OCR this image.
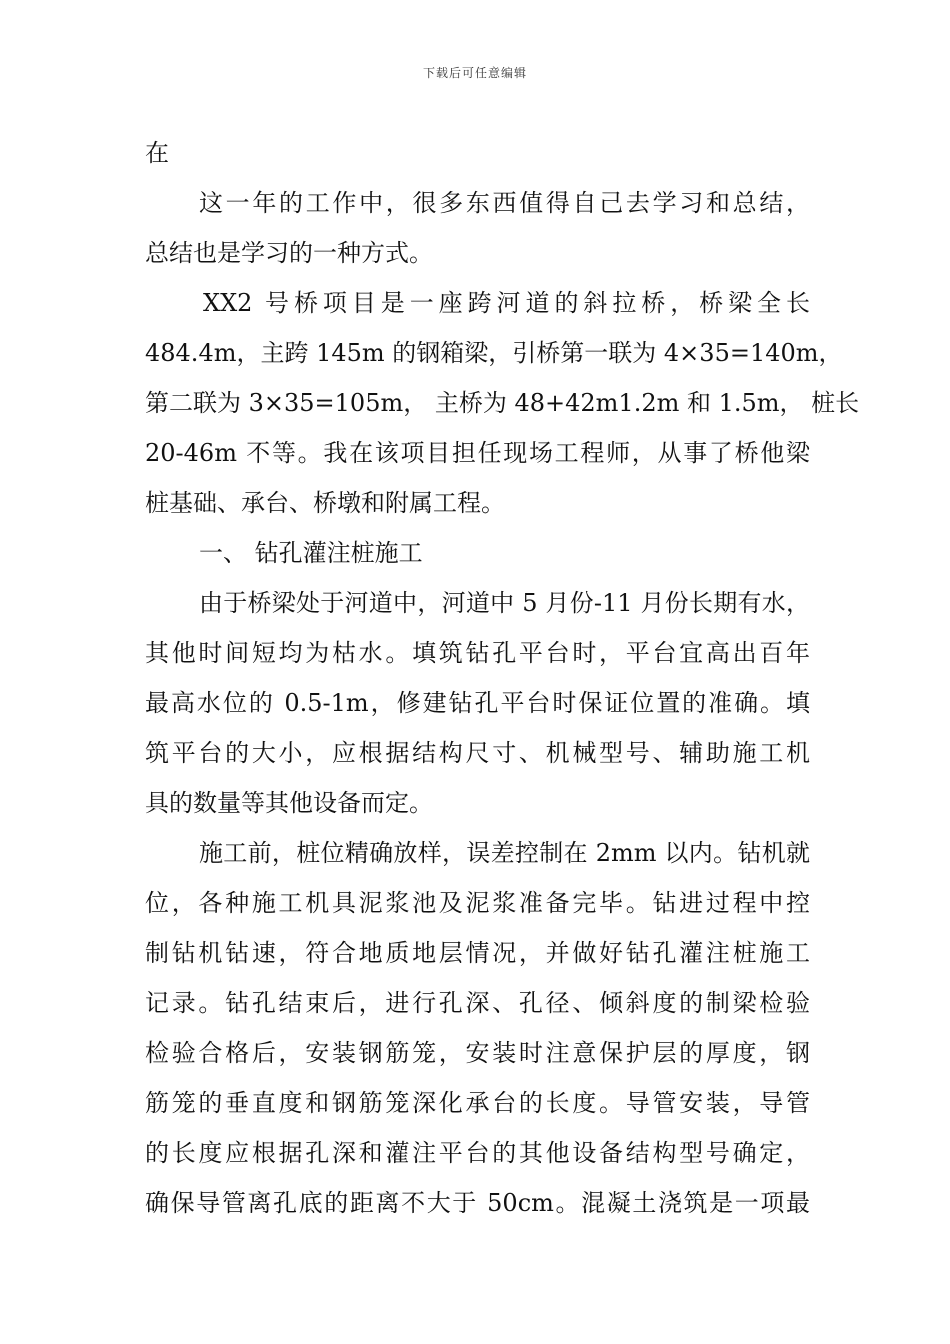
下载后可任意编辑
在
这一年的工作中，很多东西值得自己去学习和总结，
总结也是学习的一种方式。
XX2 号桥项目是一座跨河道的斜拉桥，桥梁全长
484.4m，主跨 145m 的钢箱梁，引桥第一联为 4×35=140m，
第二联为 3×35=105m， 主桥为 48+42m1.2m 和 1.5m， 桩长
20-46m 不等。我在该项目担任现场工程师，从事了桥他梁
桩基础、承台、桥墩和附属工程。
一、 钻孔灌注桩施工
由于桥梁处于河道中，河道中 5 月份-11 月份长期有水，
其他时间短均为枯水。填筑钻孔平台时，平台宜高出百年
最高水位的 0.5-1m，修建钻孔平台时保证位置的准确。填
筑平台的大小，应根据结构尺寸、机械型号、辅助施工机
具的数量等其他设备而定。
施工前，桩位精确放样，误差控制在 2mm 以内。钻机就
位，各种施工机具泥浆池及泥浆准备完毕。钻进过程中控
制钻机钻速，符合地质地层情况，并做好钻孔灌注桩施工
记录。钻孔结束后，进行孔深、孔径、倾斜度的制梁检验
检验合格后，安装钢筋笼，安装时注意保护层的厚度，钢
筋笼的垂直度和钢筋笼深化承台的长度。导管安装，导管
的长度应根据孔深和灌注平台的其他设备结构型号确定，
确保导管离孔底的距离不大于 50cm。混凝土浇筑是一项最
